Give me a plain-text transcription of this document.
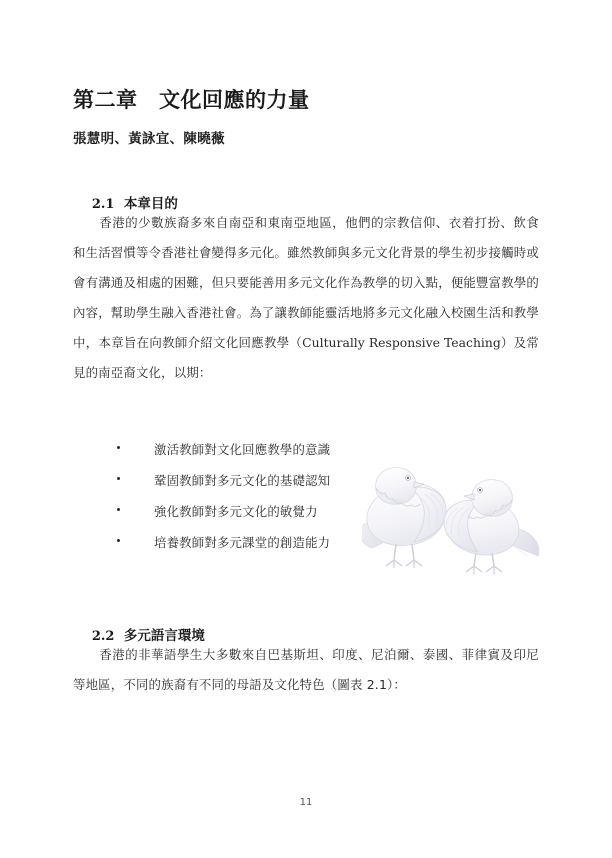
第二章　文化回應的力量
張慧明、黃詠宜、陳曉薇

2.1 本章目的

香港的少數族裔多來自南亞和東南亞地區，他們的宗教信仰、衣着打扮、飲食和生活習慣等令香港社會變得多元化。雖然教師與多元文化背景的學生初步接觸時或會有溝通及相處的困難，但只要能善用多元文化作為教學的切入點，便能豐富教學的內容，幫助學生融入香港社會。為了讓教師能靈活地將多元文化融入校園生活和教學中，本章旨在向教師介紹文化回應教學（Culturally Responsive Teaching）及常見的南亞裔文化，以期：
激活教師對文化回應教學的意識
鞏固教師對多元文化的基礎認知
強化教師對多元文化的敏覺力
培養教師對多元課堂的創造能力

2.2 多元語言環境

香港的非華語學生大多數來自巴基斯坦、印度、尼泊爾、泰國、菲律賓及印尼等地區，不同的族裔有不同的母語及文化特色（圖表 2.1）：
11
